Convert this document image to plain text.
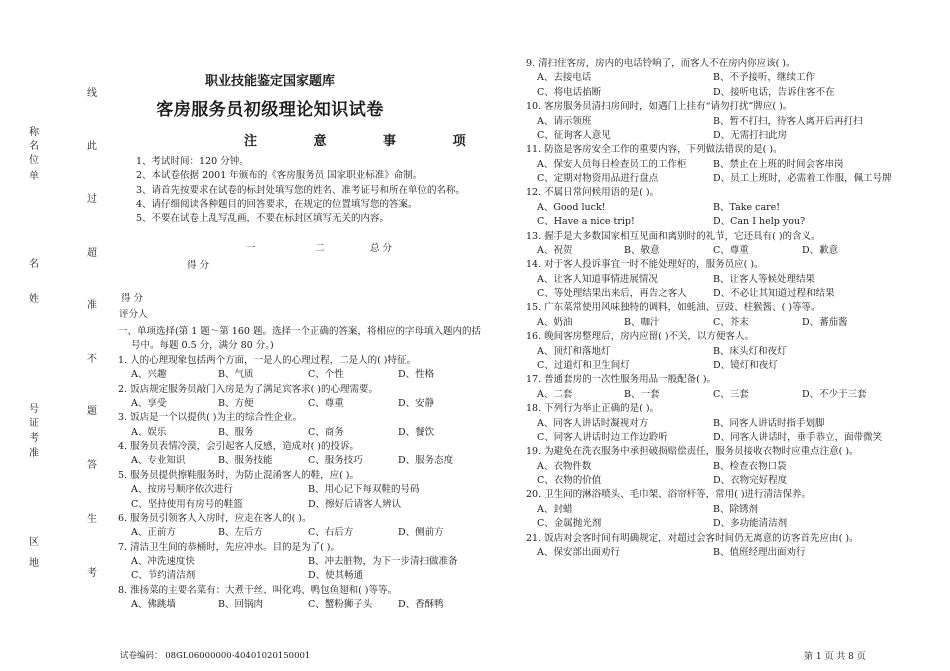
称
名
位
单
名
姓
号
证
考
准
区
地
线
此
过
超
准
不
题
答
生
考
职业技能鉴定国家题库
客房服务员初级理论知识试卷
注 意 事 项
1、考试时间：120 分钟。
2、本试卷依据 2001 年颁布的《客房服务员 国家职业标准》命制。
3、请首先按要求在试卷的标封处填写您的姓名、准考证号和所在单位的名称。
4、请仔细阅读各种题目的回答要求，在规定的位置填写您的答案。
5、不要在试卷上乱写乱画，不要在标封区填写无关的内容。
一	二	总 分
得 分
得 分
评分人
一、单项选择(第 1 题～第 160 题。选择一个正确的答案，将相应的字母填入题内的括
号中。每题 0.5 分，满分 80 分。)
1. 人的心理现象包括两个方面，一是人的心理过程，二是人的( )特征。
A、兴趣	B、气质	C、个性	D、性格
2. 饭店规定服务员敲门入房是为了满足宾客求( )的心理需要。
A、享受	B、方便	C、尊重	D、安静
3. 饭店是一个以提供( )为主的综合性企业。
A、娱乐	B、服务	C、商务	D、餐饮
4. 服务员表情冷漠，会引起客人反感，造成对( )的投诉。
A、专业知识	B、服务技能	C、服务技巧	D、服务态度
5. 服务员提供擦鞋服务时，为防止混淆客人的鞋，应( )。
A、按房号顺序依次进行	B、用心记下每双鞋的号码
C、坚持使用有房号的鞋篮	D、擦好后请客人辨认
6. 服务员引领客人入房时，应走在客人的( )。
A、正前方	B、左后方	C、右后方	D、侧前方
7. 清洁卫生间的恭桶时，先应冲水。目的是为了( )。
A、冲洗速度快	B、冲去脏物，为下一步清扫做准备
C、节约清洁剂	D、使其畅通
8. 淮扬菜的主要名菜有：大煮干丝、叫化鸡、鸭包鱼翅和( )等等。
A、佛跳墙	B、回锅肉	C、蟹粉狮子头	D、香酥鸭
9. 清扫住客房，房内的电话铃响了，而客人不在房内你应该( )。
A、去接电话	B、不予接听，继续工作
C、将电话掐断	D、接听电话，告诉住客不在
10. 客房服务员清扫房间时，如遇门上挂有“请勿打扰”牌应( )。
A、请示领班	B、暂不打扫，待客人离开后再打扫
C、征询客人意见	D、无需打扫此房
11. 防盗是客房安全工作的重要内容，下列做法错误的是( )。
A、保安人员每日检查员工的工作柜	B、禁止在上班的时间会客串岗
C、定期对物资用品进行盘点	D、员工上班时，必需着工作服，佩工号牌
12. 不属日常问候用语的是( )。
A、Good luck!	B、Take care!
C、Have a nice trip!	D、Can I help you?
13. 握手是大多数国家相互见面和离别时的礼节，它还具有( )的含义。
A、祝贺	B、敬意	C、尊重	D、歉意
14. 对于客人投诉事宜一时不能处理好的，服务员应( )。
A、让客人知道事情进展情况	B、让客人等候处理结果
C、等处理结果出来后，再告之客人	D、不必让其知道过程和结果
15. 广东菜常使用风味独特的调料，如蚝油、豆豉、柱猴酱、( )等等。
A、奶油	B、咖汁	C、芥末	D、蕃茄酱
16. 晚间客房整理后，房内应留( )不关，以方便客人。
A、顶灯和落地灯	B、床头灯和夜灯
C、过道灯和卫生间灯	D、镜灯和夜灯
17. 普通套房的一次性服务用品一般配备( )。
A、二套	B、一套	C、三套	D、不少于三套
18. 下列行为举止正确的是( )。
A、同客人讲话时凝视对方	B、同客人讲话时指手划脚
C、同客人讲话时边工作边聆听	D、同客人讲话时，垂手恭立，面带微笑
19. 为避免在洗衣服务中承担破损赔偿责任，服务员接收衣物时应重点注意( )。
A、衣物件数	B、检查衣物口袋
C、衣物的价值	D、衣物完好程度
20. 卫生间的淋浴喷头、毛巾架、浴帘杆等，常用( )进行清洁保养。
A、封蜡	B、除锈剂
C、金属抛光剂	D、多功能清洁剂
21. 饭店对会客时间有明确规定，对超过会客时间仍无离意的访客首先应由( )。
A、保安部出面劝行	B、值班经理出面劝行
试卷编码： 08GL06000000-40401020150001	第 1 页 共 8 页
